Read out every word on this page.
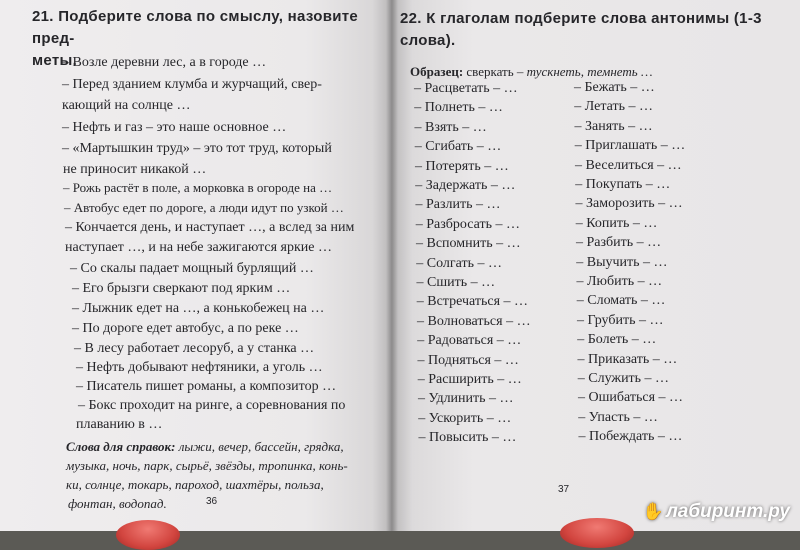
21. Подберите слова по смыслу, назовите пред-
меты.
– Возле деревни лес, а в городе …
– Перед зданием клумба и журчащий, свер-
кающий на солнце …
– Нефть и газ – это наше основное …
– «Мартышкин труд» – это тот труд, который
не приносит никакой …
– Рожь растёт в поле, а морковка в огороде на …
– Автобус едет по дороге, а люди идут по узкой …
– Кончается день, и наступает …, а вслед за ним
наступает …, и на небе зажигаются яркие …
– Со скалы падает мощный бурлящий …
– Его брызги сверкают под ярким …
– Лыжник едет на …, а конькобежец на …
– По дороге едет автобус, а по реке …
– В лесу работает лесоруб, а у станка …
– Нефть добывают нефтяники, а уголь …
– Писатель пишет романы, а композитор …
– Бокс проходит на ринге, а соревнования по
плаванию в …
Слова для справок: лыжи, вечер, бассейн, грядка,
музыка, ночь, парк, сырьё, звёзды, тропинка, конь-
ки, солнце, токарь, пароход, шахтёры, польза,
фонтан, водопад.	36
22. К глаголам подберите слова антонимы (1-3
слова).
Образец: сверкать – тускнеть, темнеть …
– Расцветать – …
– Полнеть – …
– Взять – …
– Сгибать – …
– Потерять – …
– Задержать – …
– Разлить – …
– Разбросать – …
– Вспомнить – …
– Солгать – …
– Сшить – …
– Встречаться – …
– Волноваться – …
– Радоваться – …
– Подняться – …
– Расширить – …
– Удлинить – …
– Ускорить – …
– Повысить – …
– Бежать – …
– Летать – …
– Занять – …
– Приглашать – …
– Веселиться – …
– Покупать – …
– Заморозить – …
– Копить – …
– Разбить – …
– Выучить – …
– Любить – …
– Сломать – …
– Грубить – …
– Болеть – …
– Приказать – …
– Служить – …
– Ошибаться – …
– Упасть – …
– Побеждать – …
37
✋ лабиринт.ру
